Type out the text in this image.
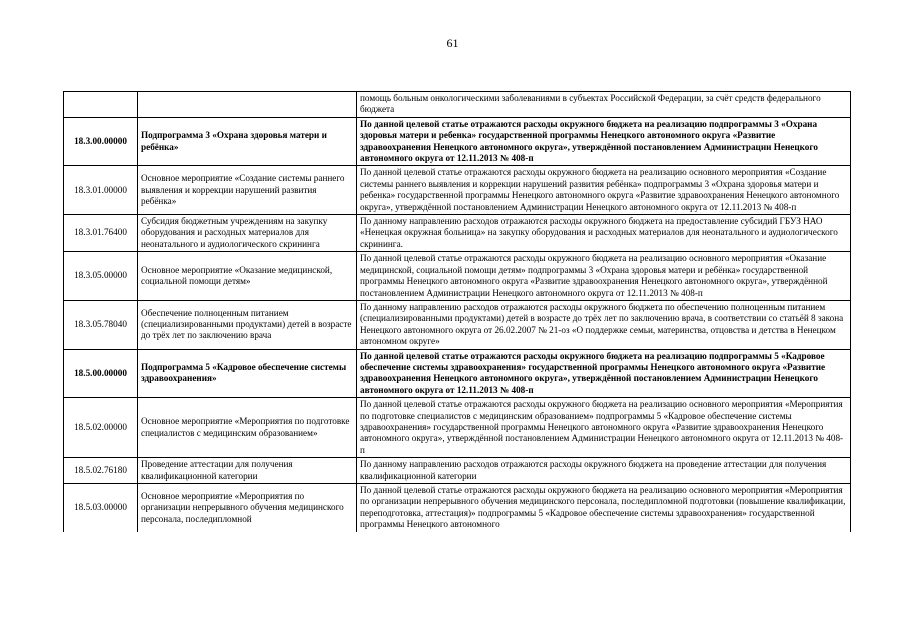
61
		помощь больным онкологическими заболеваниями в субъектах Российской Федерации, за счёт средств федерального бюджета
18.3.00.00000	Подпрограмма 3 «Охрана здоровья матери и ребёнка»	По данной целевой статье отражаются расходы окружного бюджета на реализацию подпрограммы 3 «Охрана здоровья матери и ребенка» государственной программы Ненецкого автономного округа «Развитие здравоохранения Ненецкого автономного округа», утверждённой постановлением Администрации Ненецкого автономного округа от 12.11.2013 № 408-п
18.3.01.00000	Основное мероприятие «Создание системы раннего выявления и коррекции нарушений развития ребёнка»	По данной целевой статье отражаются расходы окружного бюджета на реализацию основного мероприятия «Создание системы раннего выявления и коррекции нарушений развития ребёнка» подпрограммы 3 «Охрана здоровья матери и ребенка» государственной программы Ненецкого автономного округа «Развитие здравоохранения Ненецкого автономного округа», утверждённой постановлением Администрации Ненецкого автономного округа от 12.11.2013 № 408-п
18.3.01.76400	Субсидия бюджетным учреждениям на закупку оборудования и расходных материалов для неонатального и аудиологического скрининга	По данному направлению расходов отражаются расходы окружного бюджета на предоставление субсидий ГБУЗ НАО «Ненецкая окружная больница» на закупку оборудования и расходных материалов для неонатального и аудиологического скрининга.
18.3.05.00000	Основное мероприятие «Оказание медицинской, социальной помощи детям»	По данной целевой статье отражаются расходы окружного бюджета на реализацию основного мероприятия «Оказание медицинской, социальной помощи детям» подпрограммы 3 «Охрана здоровья матери и ребёнка» государственной программы Ненецкого автономного округа «Развитие здравоохранения Ненецкого автономного округа», утверждённой постановлением Администрации Ненецкого автономного округа от 12.11.2013 № 408-п
18.3.05.78040	Обеспечение полноценным питанием (специализированными продуктами) детей в возрасте до трёх лет по заключению врача	По данному направлению расходов отражаются расходы окружного бюджета по обеспечению полноценным питанием (специализированными продуктами) детей в возрасте до трёх лет по заключению врача, в соответствии со статьёй 8 закона Ненецкого автономного округа от 26.02.2007 № 21-оз «О поддержке семьи, материнства, отцовства и детства в Ненецком автономном округе»
18.5.00.00000	Подпрограмма 5 «Кадровое обеспечение системы здравоохранения»	По данной целевой статье отражаются расходы окружного бюджета на реализацию подпрограммы 5 «Кадровое обеспечение системы здравоохранения» государственной программы Ненецкого автономного округа «Развитие здравоохранения Ненецкого автономного округа», утверждённой постановлением Администрации Ненецкого автономного округа от 12.11.2013 № 408-п
18.5.02.00000	Основное мероприятие «Мероприятия по подготовке специалистов с медицинским образованием»	По данной целевой статье отражаются расходы окружного бюджета на реализацию основного мероприятия «Мероприятия по подготовке специалистов с медицинским образованием» подпрограммы 5 «Кадровое обеспечение системы здравоохранения» государственной программы Ненецкого автономного округа «Развитие здравоохранения Ненецкого автономного округа», утверждённой постановлением Администрации Ненецкого автономного округа от 12.11.2013 № 408-п
18.5.02.76180	Проведение аттестации для получения квалификационной категории	По данному направлению расходов отражаются расходы окружного бюджета на проведение аттестации для получения квалификационной категории
18.5.03.00000	Основное мероприятие «Мероприятия по организации непрерывного обучения медицинского персонала, последипломной	По данной целевой статье отражаются расходы окружного бюджета на реализацию основного мероприятия «Мероприятия по организации непрерывного обучения медицинского персонала, последипломной подготовки (повышение квалификации, переподготовка, аттестация)» подпрограммы 5 «Кадровое обеспечение системы здравоохранения» государственной программы Ненецкого автономного
